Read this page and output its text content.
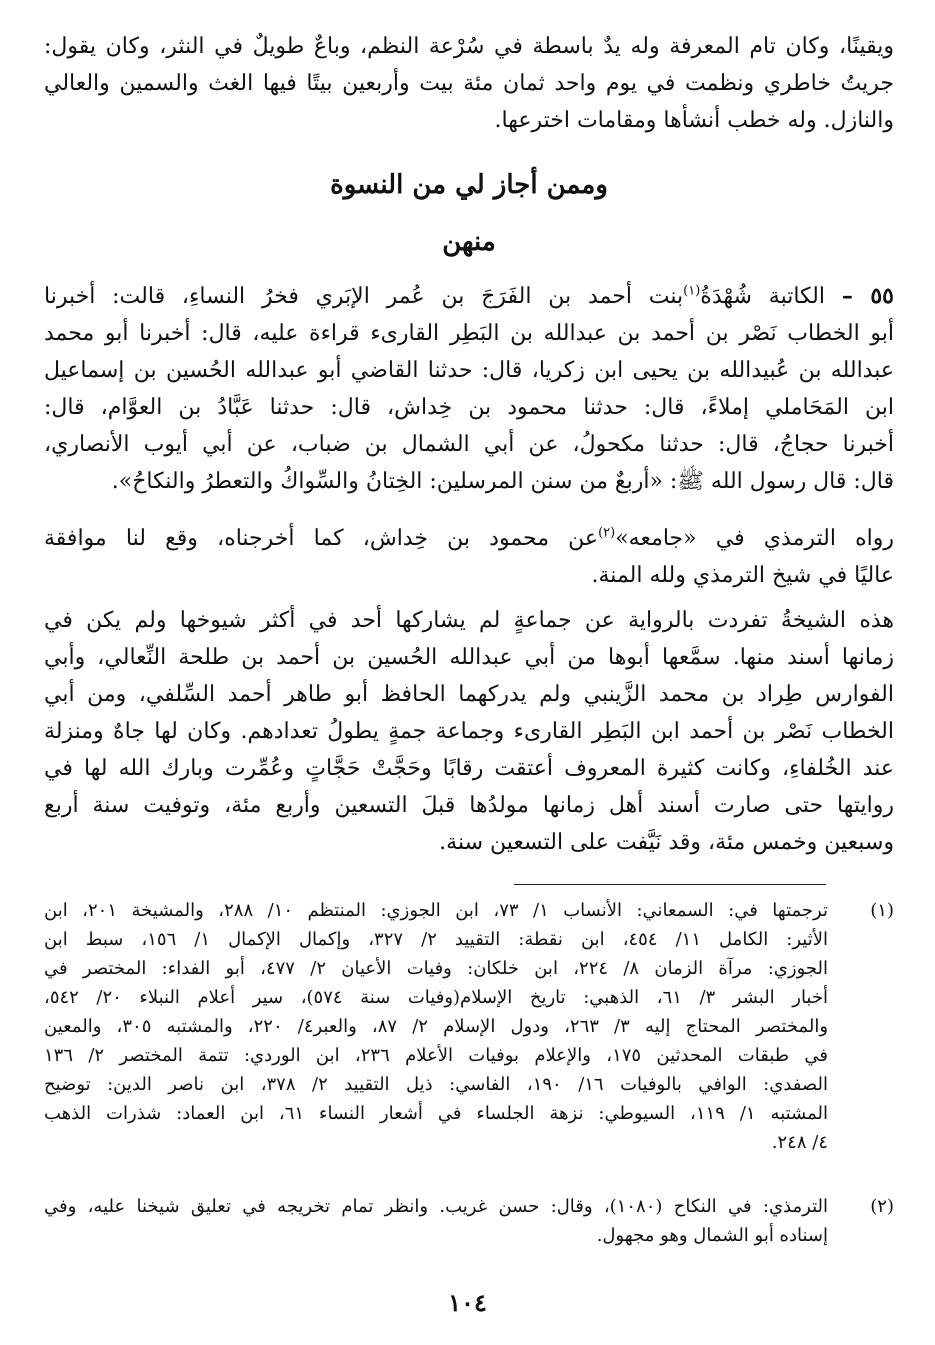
ويقينًا، وكان تام المعرفة وله يدٌ باسطة في سُرْعة النظم، وباعٌ طويلٌ في النثر، وكان يقول:
جريتُ خاطري ونظمت في يوم واحد ثمان مئة بيت وأربعين بيتًا فيها الغث والسمين والعالي
والنازل. وله خطب أنشأها ومقامات اخترعها.
وممن أجاز لي من النسوة
منهن
٥٥ – الكاتبة شُهْدَةُ$^{(١)}$بنت أحمد بن الفَرَجَ بن عُمر الإبَري فخرُ النساءِ، قالت: أخبرنا
أبو الخطاب نَصْر بن أحمد بن عبدالله بن البَطِر القارىء قراءة عليه، قال: أخبرنا أبو محمد
عبدالله بن عُبيدالله بن يحيى ابن زكريا، قال: حدثنا القاضي أبو عبدالله الحُسين بن إسماعيل
ابن المَحَاملي إملاءً، قال: حدثنا محمود بن خِداش، قال: حدثنا عَبَّادُ بن العوَّام، قال:
أخبرنا حجاجُ، قال: حدثنا مكحولُ، عن أبي الشمال بن ضباب، عن أبي أيوب الأنصاري،
قال: قال رسول الله ﷺ: «أربعٌ من سنن المرسلين: الخِتانُ والسِّواكُ والتعطرُ والنكاحُ».
رواه الترمذي في «جامعه»$^{(٢)}$عن محمود بن خِداش، كما أخرجناه، وقع لنا موافقة
عاليًا في شيخ الترمذي ولله المنة.
هذه الشيخةُ تفردت بالرواية عن جماعةٍ لم يشاركها أحد في أكثر شيوخها ولم يكن في
زمانها أسند منها. سمَّعها أبوها من أبي عبدالله الحُسين بن أحمد بن طلحة النِّعالي، وأبي
الفوارس طِراد بن محمد الزَّينبي ولم يدركهما الحافظ أبو طاهر أحمد السِّلفي، ومن أبي
الخطاب نَصْر بن أحمد ابن البَطِر القارىء وجماعة جمةٍ يطولُ تعدادهم. وكان لها جاهٌ ومنزلة
عند الخُلفاءِ، وكانت كثيرة المعروف أعتقت رقابًا وحَجَّتْ حَجَّاتٍ وعُمِّرت وبارك الله لها في
روايتها حتى صارت أسند أهل زمانها مولدُها قبلَ التسعين وأربع مئة، وتوفيت سنة أربع
وسبعين وخمس مئة، وقد نَيَّفت على التسعين سنة.
(١)
ترجمتها في: السمعاني: الأنساب ١/ ٧٣، ابن الجوزي: المنتظم ١٠/ ٢٨٨، والمشيخة ٢٠١، ابن
الأثير: الكامل ١١/ ٤٥٤، ابن نقطة: التقييد ٢/ ٣٢٧، وإكمال الإكمال ١/ ١٥٦، سبط ابن
الجوزي: مرآة الزمان ٨/ ٢٢٤، ابن خلكان: وفيات الأعيان ٢/ ٤٧٧، أبو الفداء: المختصر في
أخبار البشر ٣/ ٦١، الذهبي: تاريخ الإسلام(وفيات سنة ٥٧٤)، سير أعلام النبلاء ٢٠/ ٥٤٢،
والمختصر المحتاج إليه ٣/ ٢٦٣، ودول الإسلام ٢/ ٨٧، والعبر٤/ ٢٢٠، والمشتبه ٣٠٥، والمعين
في طبقات المحدثين ١٧٥، والإعلام بوفيات الأعلام ٢٣٦، ابن الوردي: تتمة المختصر ٢/ ١٣٦
الصفدي: الوافي بالوفيات ١٦/ ١٩٠، الفاسي: ذيل التقييد ٢/ ٣٧٨، ابن ناصر الدين: توضيح
المشتبه ١/ ١١٩، السيوطي: نزهة الجلساء في أشعار النساء ٦١، ابن العماد: شذرات الذهب
٤/ ٢٤٨.
(٢)
الترمذي: في النكاح (١٠٨٠)، وقال: حسن غريب. وانظر تمام تخريجه في تعليق شيخنا عليه، وفي
إسناده أبو الشمال وهو مجهول.
١٠٤
